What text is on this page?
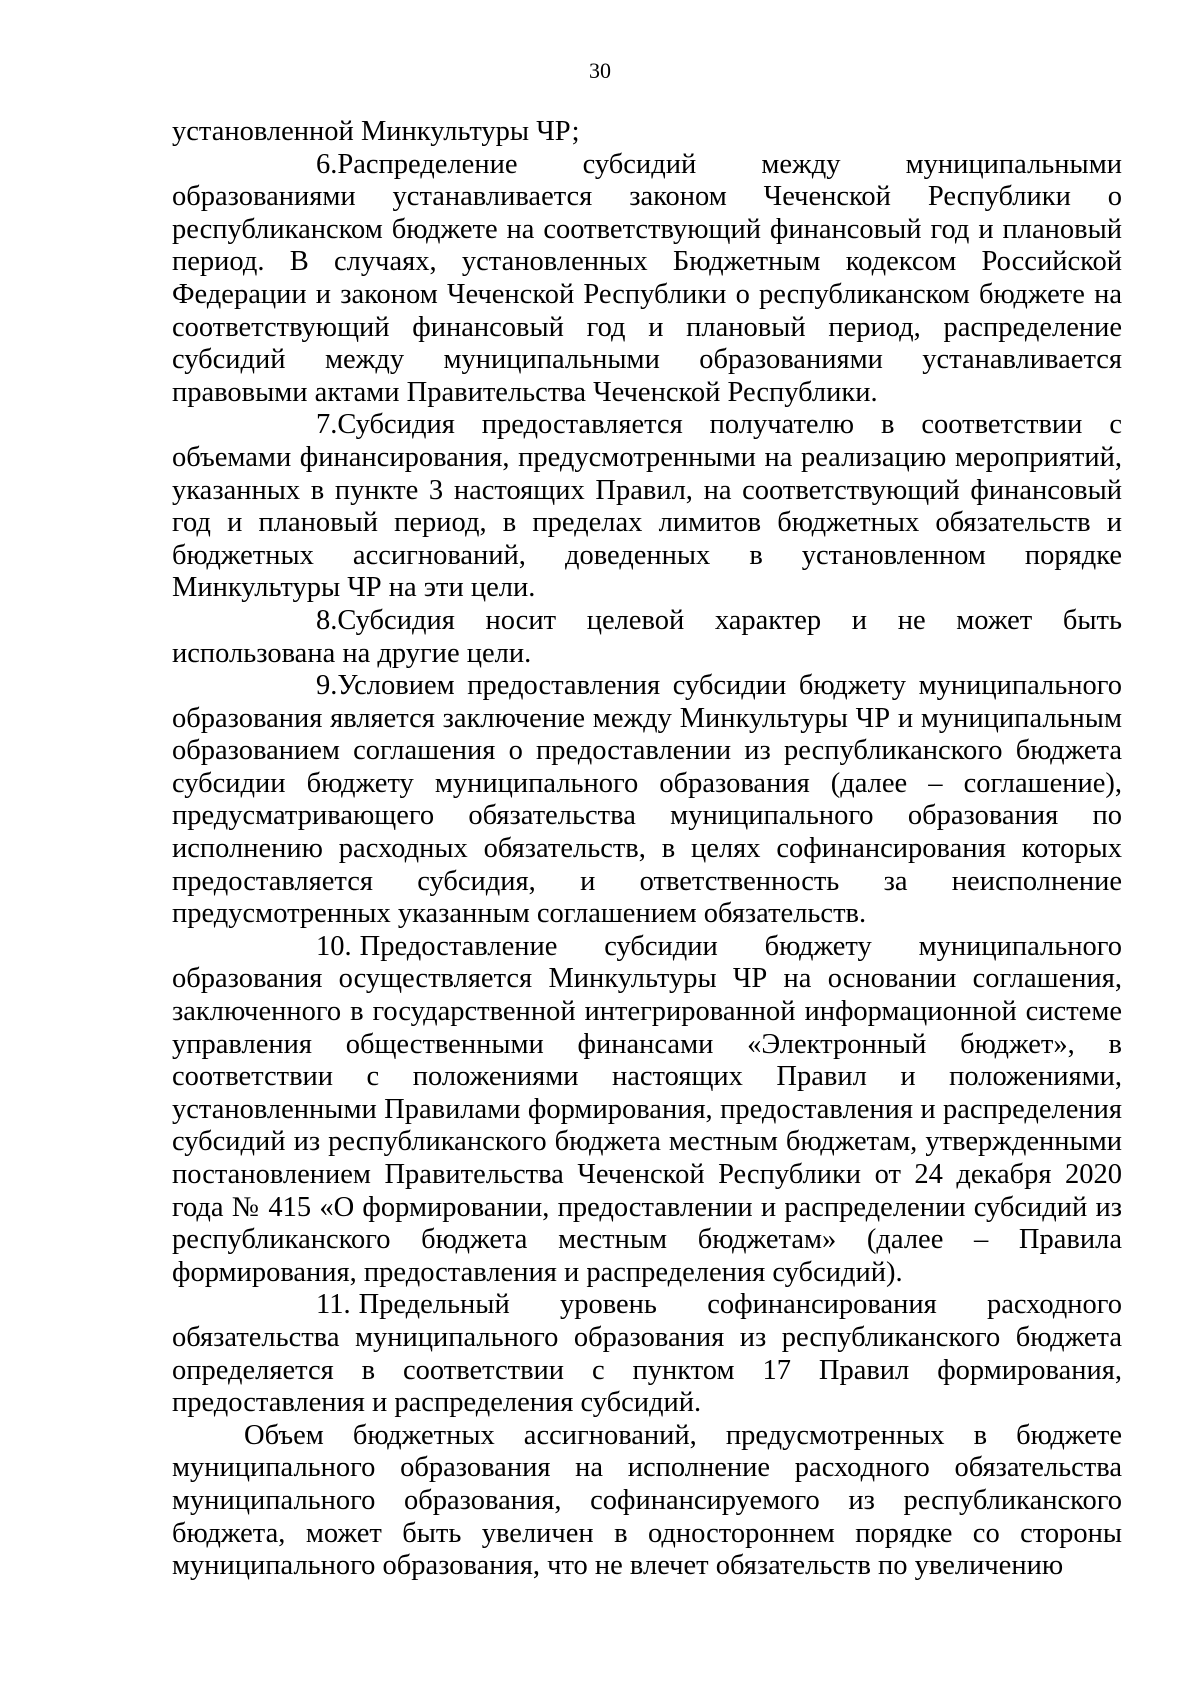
30

установленной Минкультуры ЧР;

6.Распределение субсидий между муниципальными образованиями устанавливается законом Чеченской Республики о республиканском бюджете на соответствующий финансовый год и плановый период. В случаях, установленных Бюджетным кодексом Российской Федерации и законом Чеченской Республики о республиканском бюджете на соответствующий финансовый год и плановый период, распределение субсидий между муниципальными образованиями устанавливается правовыми актами Правительства Чеченской Республики.

7.Субсидия предоставляется получателю в соответствии с объемами финансирования, предусмотренными на реализацию мероприятий, указанных в пункте 3 настоящих Правил, на соответствующий финансовый год и плановый период, в пределах лимитов бюджетных обязательств и бюджетных ассигнований, доведенных в установленном порядке Минкультуры ЧР на эти цели.

8.Субсидия носит целевой характер и не может быть использована на другие цели.

9.Условием предоставления субсидии бюджету муниципального образования является заключение между Минкультуры ЧР и муниципальным образованием соглашения о предоставлении из республиканского бюджета субсидии бюджету муниципального образования (далее – соглашение), предусматривающего обязательства муниципального образования по исполнению расходных обязательств, в целях софинансирования которых предоставляется субсидия, и ответственность за неисполнение предусмотренных указанным соглашением обязательств.

10. Предоставление субсидии бюджету муниципального образования осуществляется Минкультуры ЧР на основании соглашения, заключенного в государственной интегрированной информационной системе управления общественными финансами «Электронный бюджет», в соответствии с положениями настоящих Правил и положениями, установленными Правилами формирования, предоставления и распределения субсидий из республиканского бюджета местным бюджетам, утвержденными постановлением Правительства Чеченской Республики от 24 декабря 2020 года № 415 «О формировании, предоставлении и распределении субсидий из республиканского бюджета местным бюджетам» (далее – Правила формирования, предоставления и распределения субсидий).

11. Предельный уровень софинансирования расходного обязательства муниципального образования из республиканского бюджета определяется в соответствии с пунктом 17 Правил формирования, предоставления и распределения субсидий.

Объем бюджетных ассигнований, предусмотренных в бюджете муниципального образования на исполнение расходного обязательства муниципального образования, софинансируемого из республиканского бюджета, может быть увеличен в одностороннем порядке со стороны муниципального образования, что не влечет обязательств по увеличению
